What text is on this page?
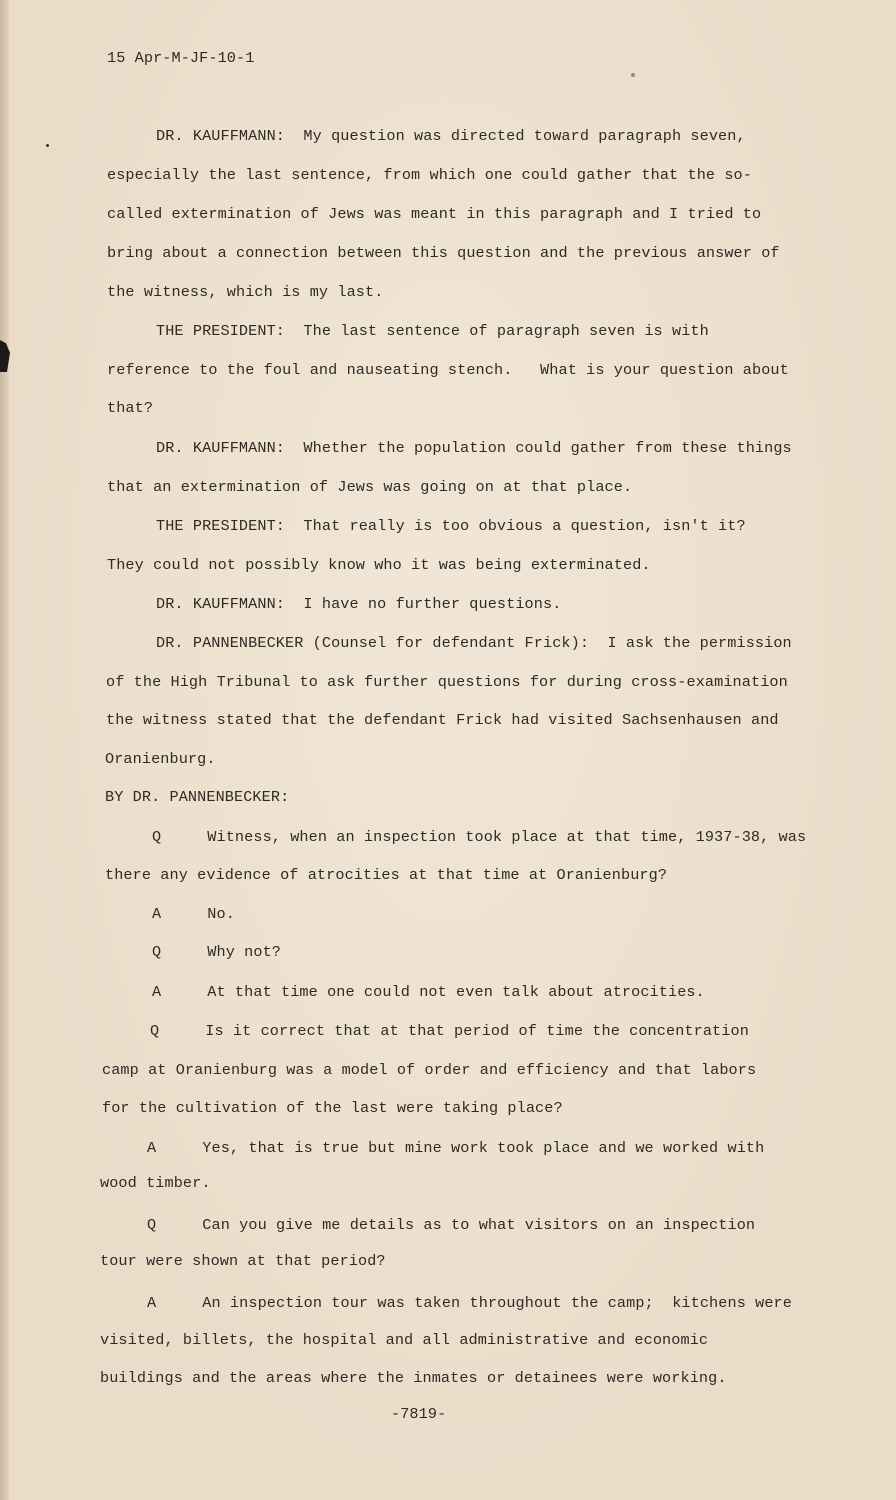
15 Apr-M-JF-10-1
DR. KAUFFMANN:  My question was directed toward paragraph seven,
especially the last sentence, from which one could gather that the so-
called extermination of Jews was meant in this paragraph and I tried to
bring about a connection between this question and the previous answer of
the witness, which is my last.
THE PRESIDENT:  The last sentence of paragraph seven is with
reference to the foul and nauseating stench.   What is your question about
that?
DR. KAUFFMANN:  Whether the population could gather from these things
that an extermination of Jews was going on at that place.
THE PRESIDENT:  That really is too obvious a question, isn't it?
They could not possibly know who it was being exterminated.
DR. KAUFFMANN:  I have no further questions.
DR. PANNENBECKER (Counsel for defendant Frick):  I ask the permission
of the High Tribunal to ask further questions for during cross-examination
the witness stated that the defendant Frick had visited Sachsenhausen and
Oranienburg.
BY DR. PANNENBECKER:
Q     Witness, when an inspection took place at that time, 1937-38, was
there any evidence of atrocities at that time at Oranienburg?
A     No.
Q     Why not?
A     At that time one could not even talk about atrocities.
Q     Is it correct that at that period of time the concentration
camp at Oranienburg was a model of order and efficiency and that labors
for the cultivation of the last were taking place?
A     Yes, that is true but mine work took place and we worked with
wood timber.
Q     Can you give me details as to what visitors on an inspection
tour were shown at that period?
A     An inspection tour was taken throughout the camp;  kitchens were
visited, billets, the hospital and all administrative and economic
buildings and the areas where the inmates or detainees were working.
-7819-
